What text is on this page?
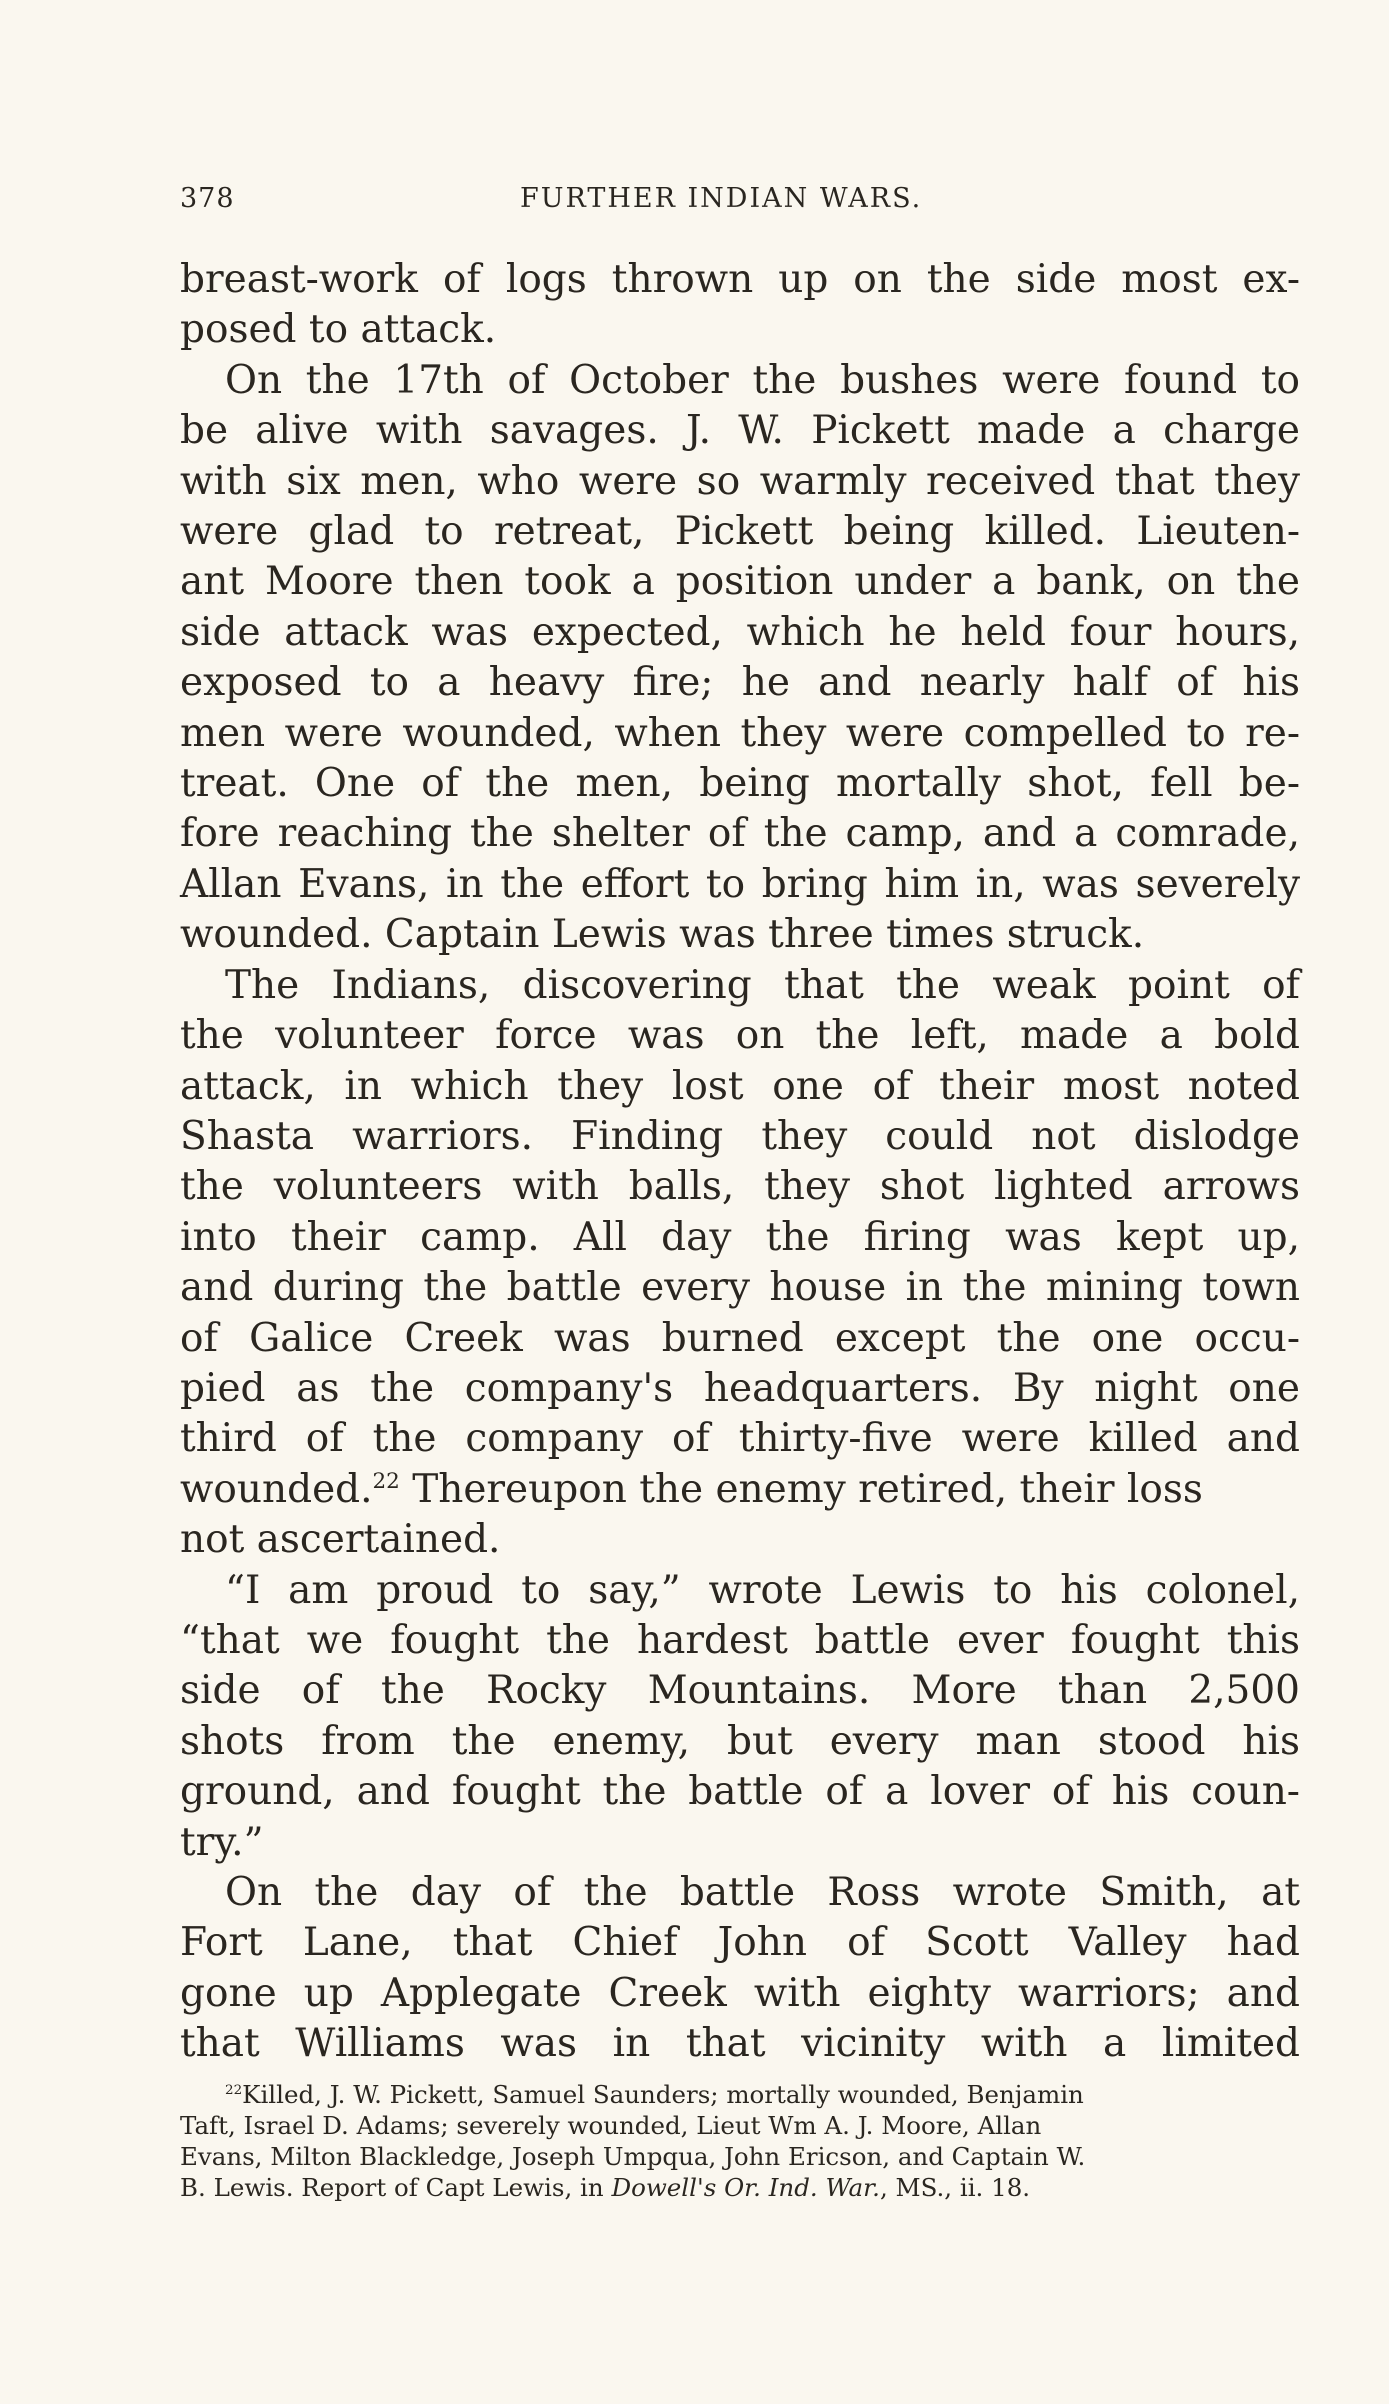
378	FURTHER INDIAN WARS.
breast-work of logs thrown up on the side most ex-
posed to attack.
On the 17th of October the bushes were found to
be alive with savages. J. W. Pickett made a charge
with six men, who were so warmly received that they
were glad to retreat, Pickett being killed. Lieuten-
ant Moore then took a position under a bank, on the
side attack was expected, which he held four hours,
exposed to a heavy fire; he and nearly half of his
men were wounded, when they were compelled to re-
treat. One of the men, being mortally shot, fell be-
fore reaching the shelter of the camp, and a comrade,
Allan Evans, in the effort to bring him in, was severely
wounded. Captain Lewis was three times struck.
The Indians, discovering that the weak point of
the volunteer force was on the left, made a bold
attack, in which they lost one of their most noted
Shasta warriors. Finding they could not dislodge
the volunteers with balls, they shot lighted arrows
into their camp. All day the firing was kept up,
and during the battle every house in the mining town
of Galice Creek was burned except the one occu-
pied as the company's headquarters. By night one
third of the company of thirty-five were killed and
wounded.$^{22}$ Thereupon the enemy retired, their loss
not ascertained.
“I am proud to say,” wrote Lewis to his colonel,
“that we fought the hardest battle ever fought this
side of the Rocky Mountains. More than 2,500
shots from the enemy, but every man stood his
ground, and fought the battle of a lover of his coun-
try.”
On the day of the battle Ross wrote Smith, at
Fort Lane, that Chief John of Scott Valley had
gone up Applegate Creek with eighty warriors; and
that Williams was in that vicinity with a limited
$^{22}$Killed, J. W. Pickett, Samuel Saunders; mortally wounded, Benjamin
Taft, Israel D. Adams; severely wounded, Lieut Wm A. J. Moore, Allan
Evans, Milton Blackledge, Joseph Umpqua, John Ericson, and Captain W.
B. Lewis. Report of Capt Lewis, in Dowell's Or. Ind. War., MS., ii. 18.
